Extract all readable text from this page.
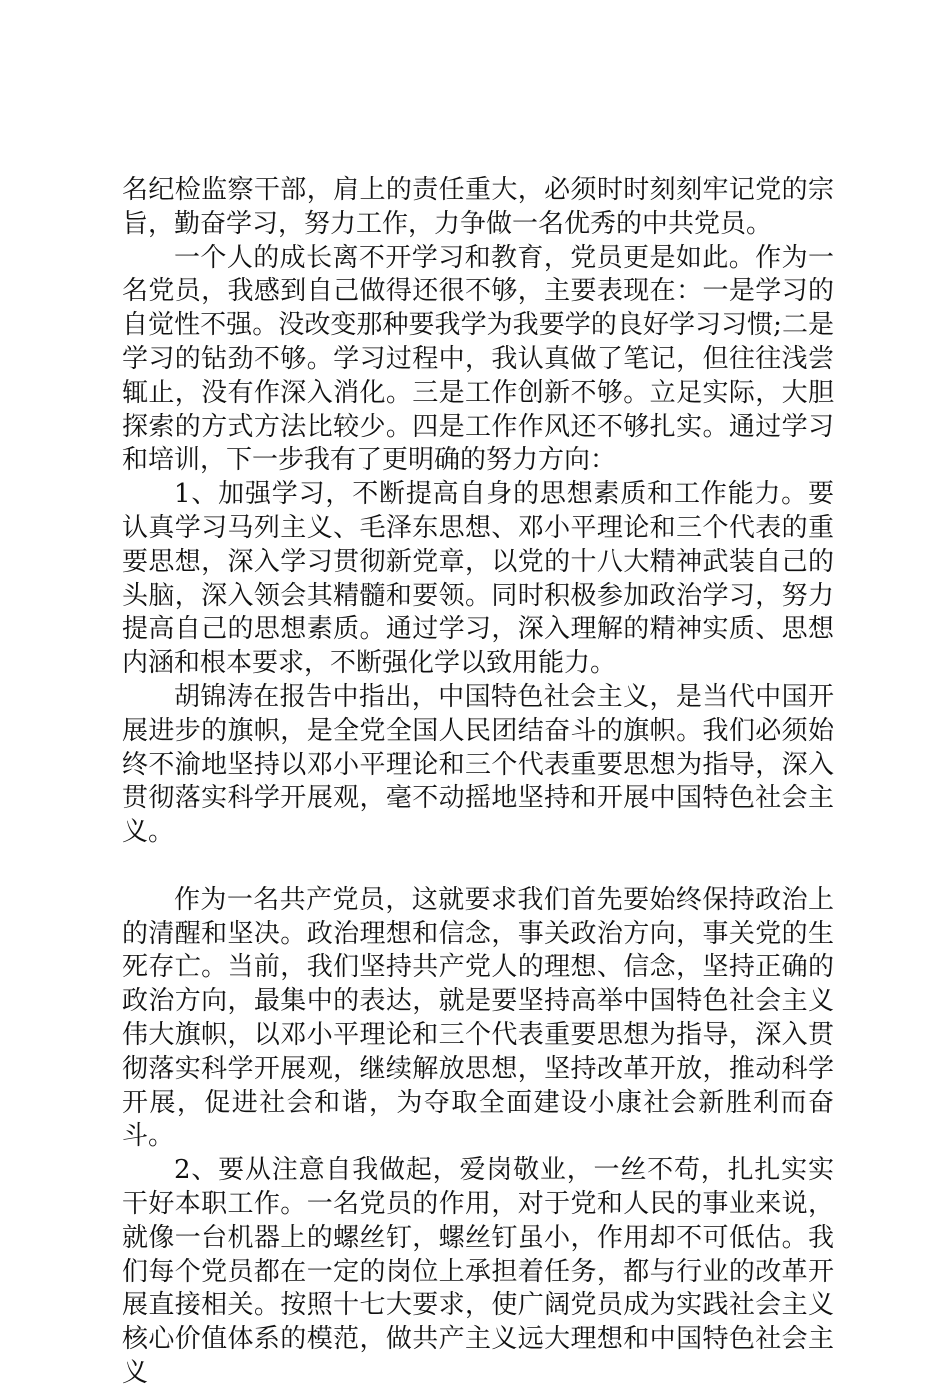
名纪检监察干部，肩上的责任重大，必须时时刻刻牢记党的宗旨，勤奋学习，努力工作，力争做一名优秀的中共党员。

一个人的成长离不开学习和教育，党员更是如此。作为一名党员，我感到自己做得还很不够，主要表现在：一是学习的自觉性不强。没改变那种要我学为我要学的良好学习习惯;二是学习的钻劲不够。学习过程中，我认真做了笔记，但往往浅尝辄止，没有作深入消化。三是工作创新不够。立足实际，大胆探索的方式方法比较少。四是工作作风还不够扎实。通过学习和培训，下一步我有了更明确的努力方向：

1、加强学习，不断提高自身的思想素质和工作能力。要认真学习马列主义、毛泽东思想、邓小平理论和三个代表的重要思想，深入学习贯彻新党章，以党的十八大精神武装自己的头脑，深入领会其精髓和要领。同时积极参加政治学习，努力提高自己的思想素质。通过学习，深入理解的精神实质、思想内涵和根本要求，不断强化学以致用能力。

胡锦涛在报告中指出，中国特色社会主义，是当代中国开展进步的旗帜，是全党全国人民团结奋斗的旗帜。我们必须始终不渝地坚持以邓小平理论和三个代表重要思想为指导，深入贯彻落实科学开展观，毫不动摇地坚持和开展中国特色社会主义。

作为一名共产党员，这就要求我们首先要始终保持政治上的清醒和坚决。政治理想和信念，事关政治方向，事关党的生死存亡。当前，我们坚持共产党人的理想、信念，坚持正确的政治方向，最集中的表达，就是要坚持高举中国特色社会主义伟大旗帜，以邓小平理论和三个代表重要思想为指导，深入贯彻落实科学开展观，继续解放思想，坚持改革开放，推动科学开展，促进社会和谐，为夺取全面建设小康社会新胜利而奋斗。

2、要从注意自我做起，爱岗敬业，一丝不苟，扎扎实实干好本职工作。一名党员的作用，对于党和人民的事业来说，就像一台机器上的螺丝钉，螺丝钉虽小，作用却不可低估。我们每个党员都在一定的岗位上承担着任务，都与行业的改革开展直接相关。按照十七大要求，使广阔党员成为实践社会主义核心价值体系的模范，做共产主义远大理想和中国特色社会主义
